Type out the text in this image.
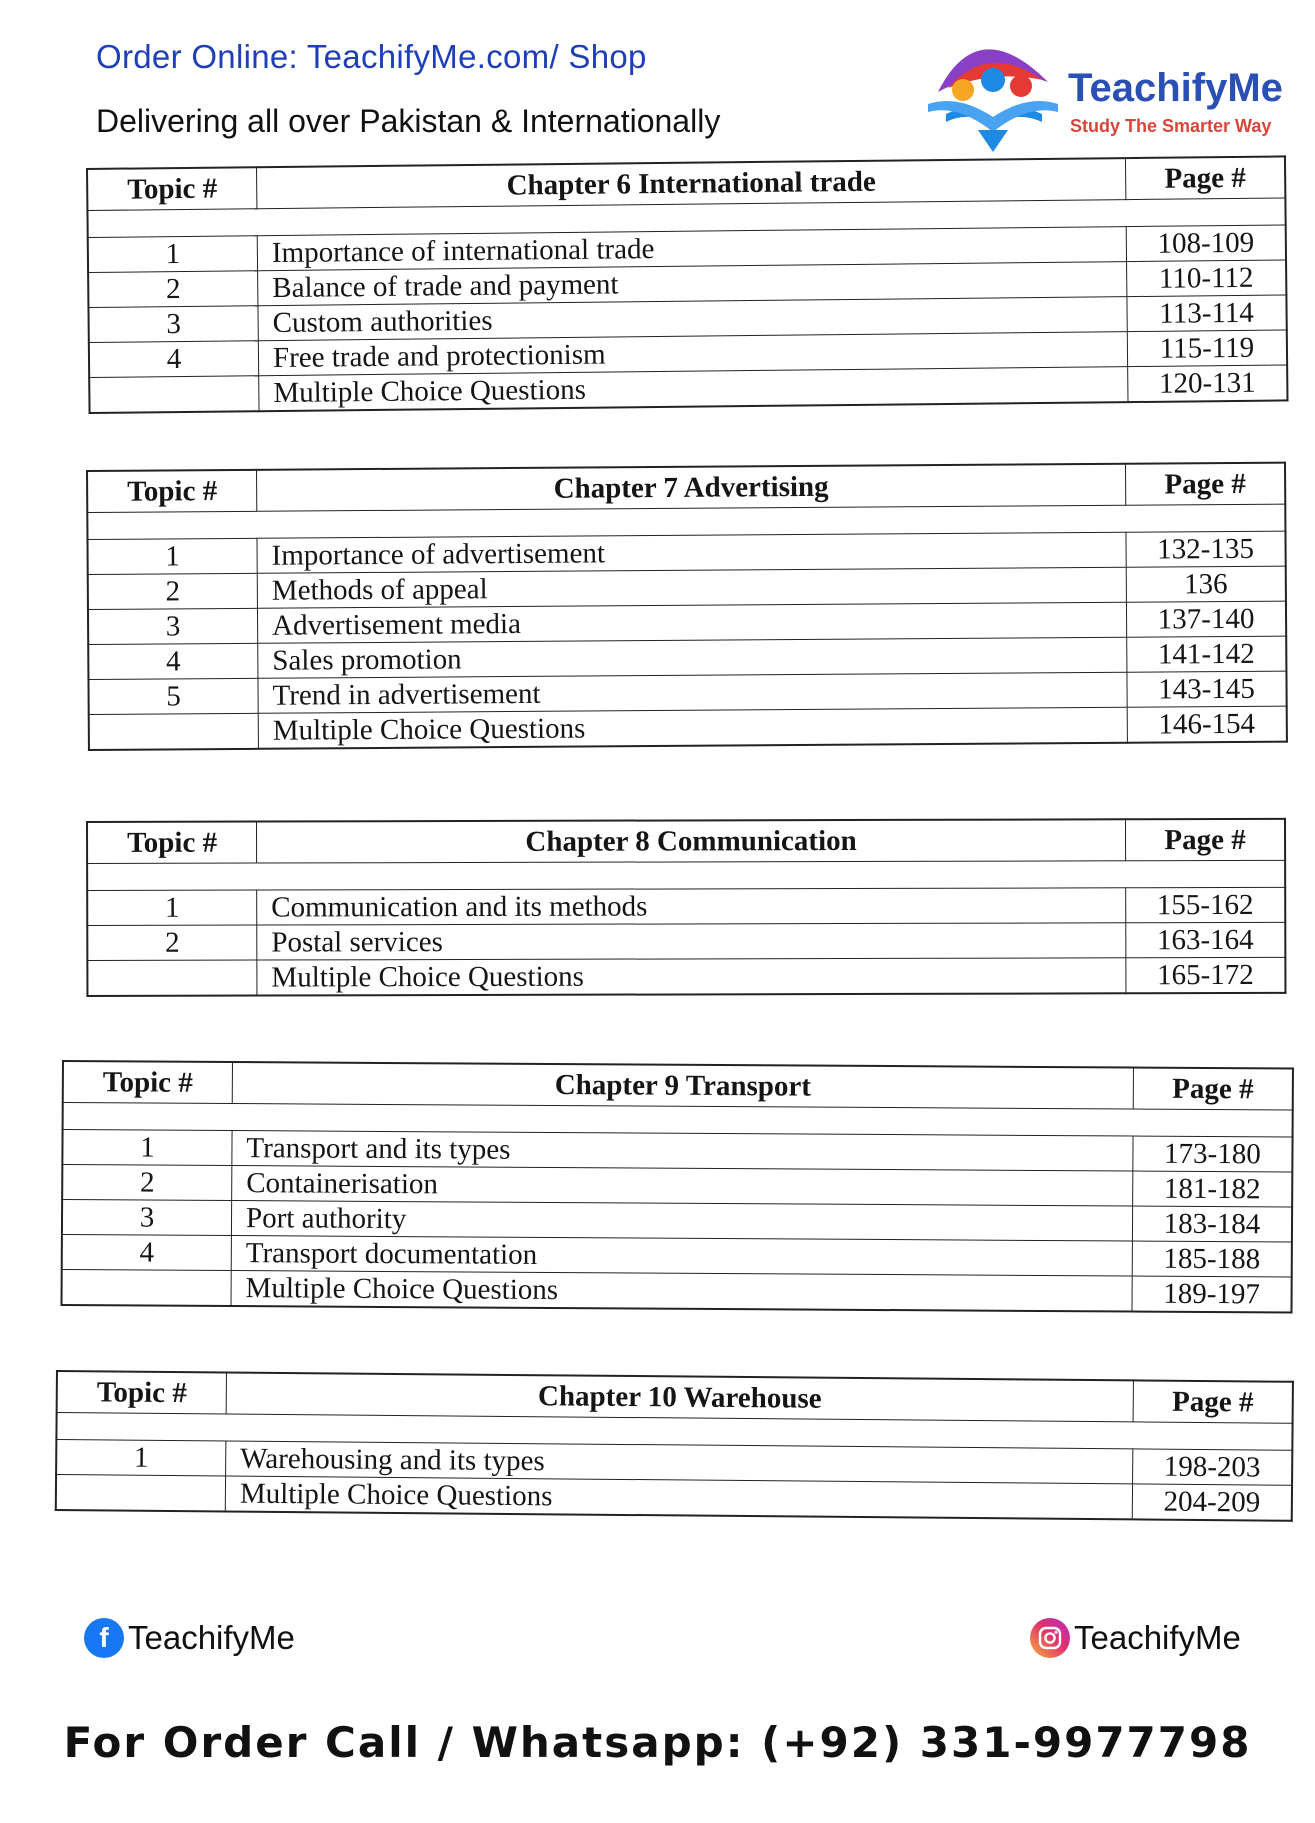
Order Online: TeachifyMe.com/ Shop
Delivering all over Pakistan & Internationally
TeachifyMe
Study The Smarter Way
Topic #	Chapter 6 International trade	Page #

1	Importance of international trade	108-109
2	Balance of trade and payment	110-112
3	Custom authorities	113-114
4	Free trade and protectionism	115-119
	Multiple Choice Questions	120-131
Topic #	Chapter 7 Advertising	Page #

1	Importance of advertisement	132-135
2	Methods of appeal	136
3	Advertisement media	137-140
4	Sales promotion	141-142
5	Trend in advertisement	143-145
	Multiple Choice Questions	146-154
Topic #	Chapter 8 Communication	Page #

1	Communication and its methods	155-162
2	Postal services	163-164
	Multiple Choice Questions	165-172
Topic #	Chapter 9 Transport	Page #

1	Transport and its types	173-180
2	Containerisation	181-182
3	Port authority	183-184
4	Transport documentation	185-188
	Multiple Choice Questions	189-197
Topic #	Chapter 10 Warehouse	Page #

1	Warehousing and its types	198-203
	Multiple Choice Questions	204-209
f TeachifyMe	TeachifyMe
For Order Call / Whatsapp: (+92) 331-9977798
